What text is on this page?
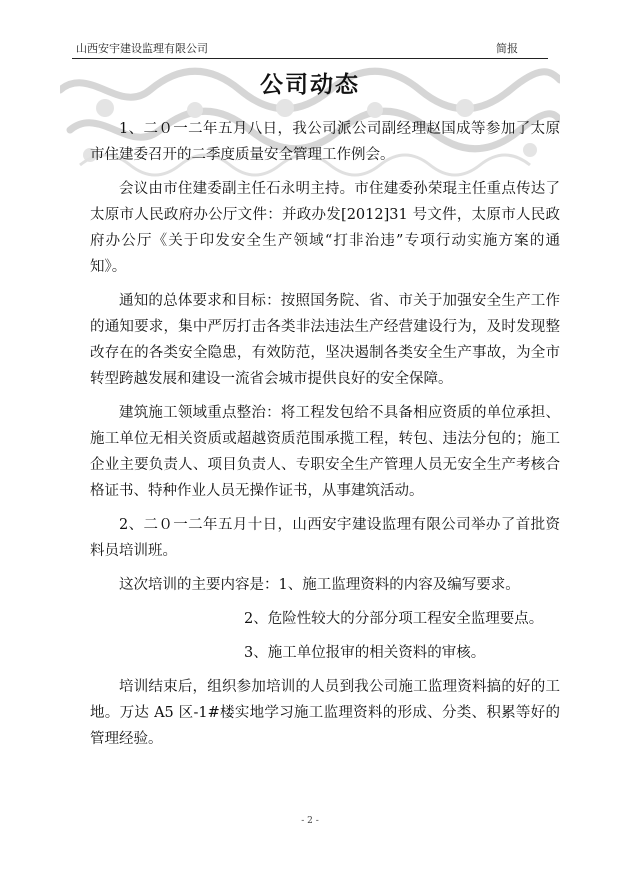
山西安宇建设监理有限公司	简报
公司动态

1、二０一二年五月八日，我公司派公司副经理赵国成等参加了太原市住建委召开的二季度质量安全管理工作例会。

会议由市住建委副主任石永明主持。市住建委孙荣琨主任重点传达了太原市人民政府办公厅文件：并政办发[2012]31 号文件，太原市人民政府办公厅《关于印发安全生产领域“打非治违”专项行动实施方案的通知》。

通知的总体要求和目标：按照国务院、省、市关于加强安全生产工作的通知要求，集中严厉打击各类非法违法生产经营建设行为，及时发现整改存在的各类安全隐患，有效防范，坚决遏制各类安全生产事故，为全市转型跨越发展和建设一流省会城市提供良好的安全保障。

建筑施工领域重点整治：将工程发包给不具备相应资质的单位承担、施工单位无相关资质或超越资质范围承揽工程，转包、违法分包的；施工企业主要负责人、项目负责人、专职安全生产管理人员无安全生产考核合格证书、特种作业人员无操作证书，从事建筑活动。

2、二０一二年五月十日，山西安宇建设监理有限公司举办了首批资料员培训班。

这次培训的主要内容是：1、施工监理资料的内容及编写要求。

2、危险性较大的分部分项工程安全监理要点。

3、施工单位报审的相关资料的审核。

培训结束后，组织参加培训的人员到我公司施工监理资料搞的好的工地。万达 A5 区-1#楼实地学习施工监理资料的形成、分类、积累等好的管理经验。

- 2 -
